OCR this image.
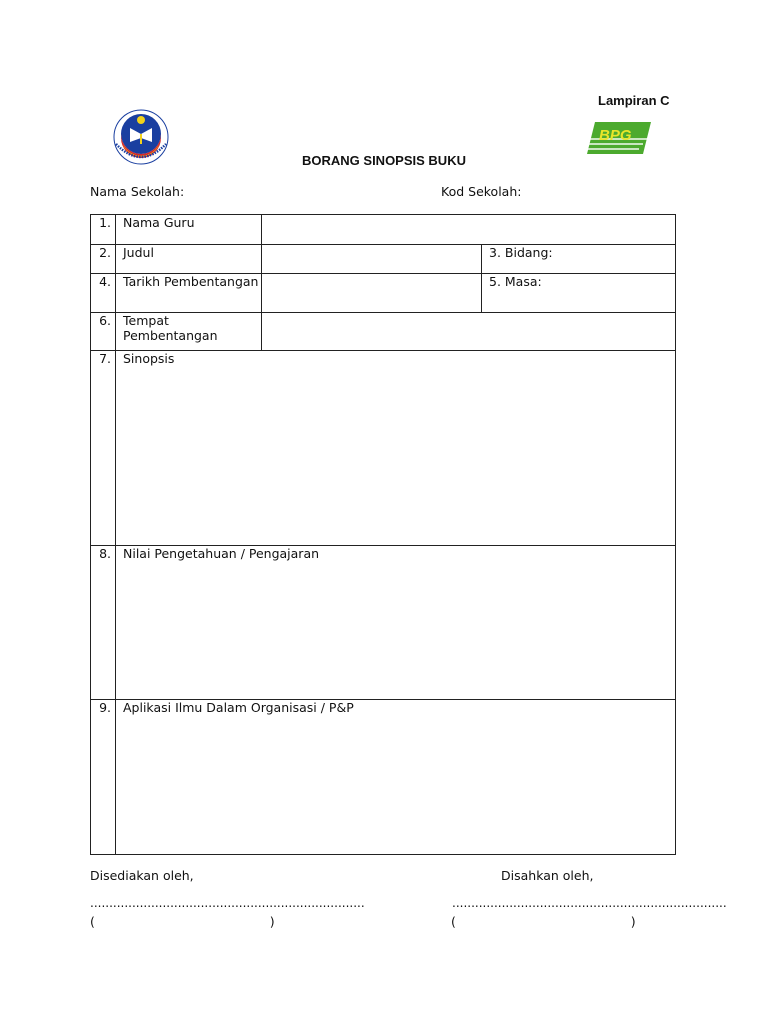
BPG
Lampiran C
BORANG SINOPSIS BUKU
Nama Sekolah:	Kod Sekolah:
1.	Nama Guru		
2.	Judul		3. Bidang:
4.	Tarikh Pembentangan		5. Masa:
6.	Tempat Pembentangan		
7.	Sinopsis		
8.	Nilai Pengetahuan / Pengajaran		
9.	Aplikasi Ilmu Dalam Organisasi / P&P		
Disediakan oleh,	Disahkan oleh,
........................................................................	........................................................................
(                                            )	(                                            )
